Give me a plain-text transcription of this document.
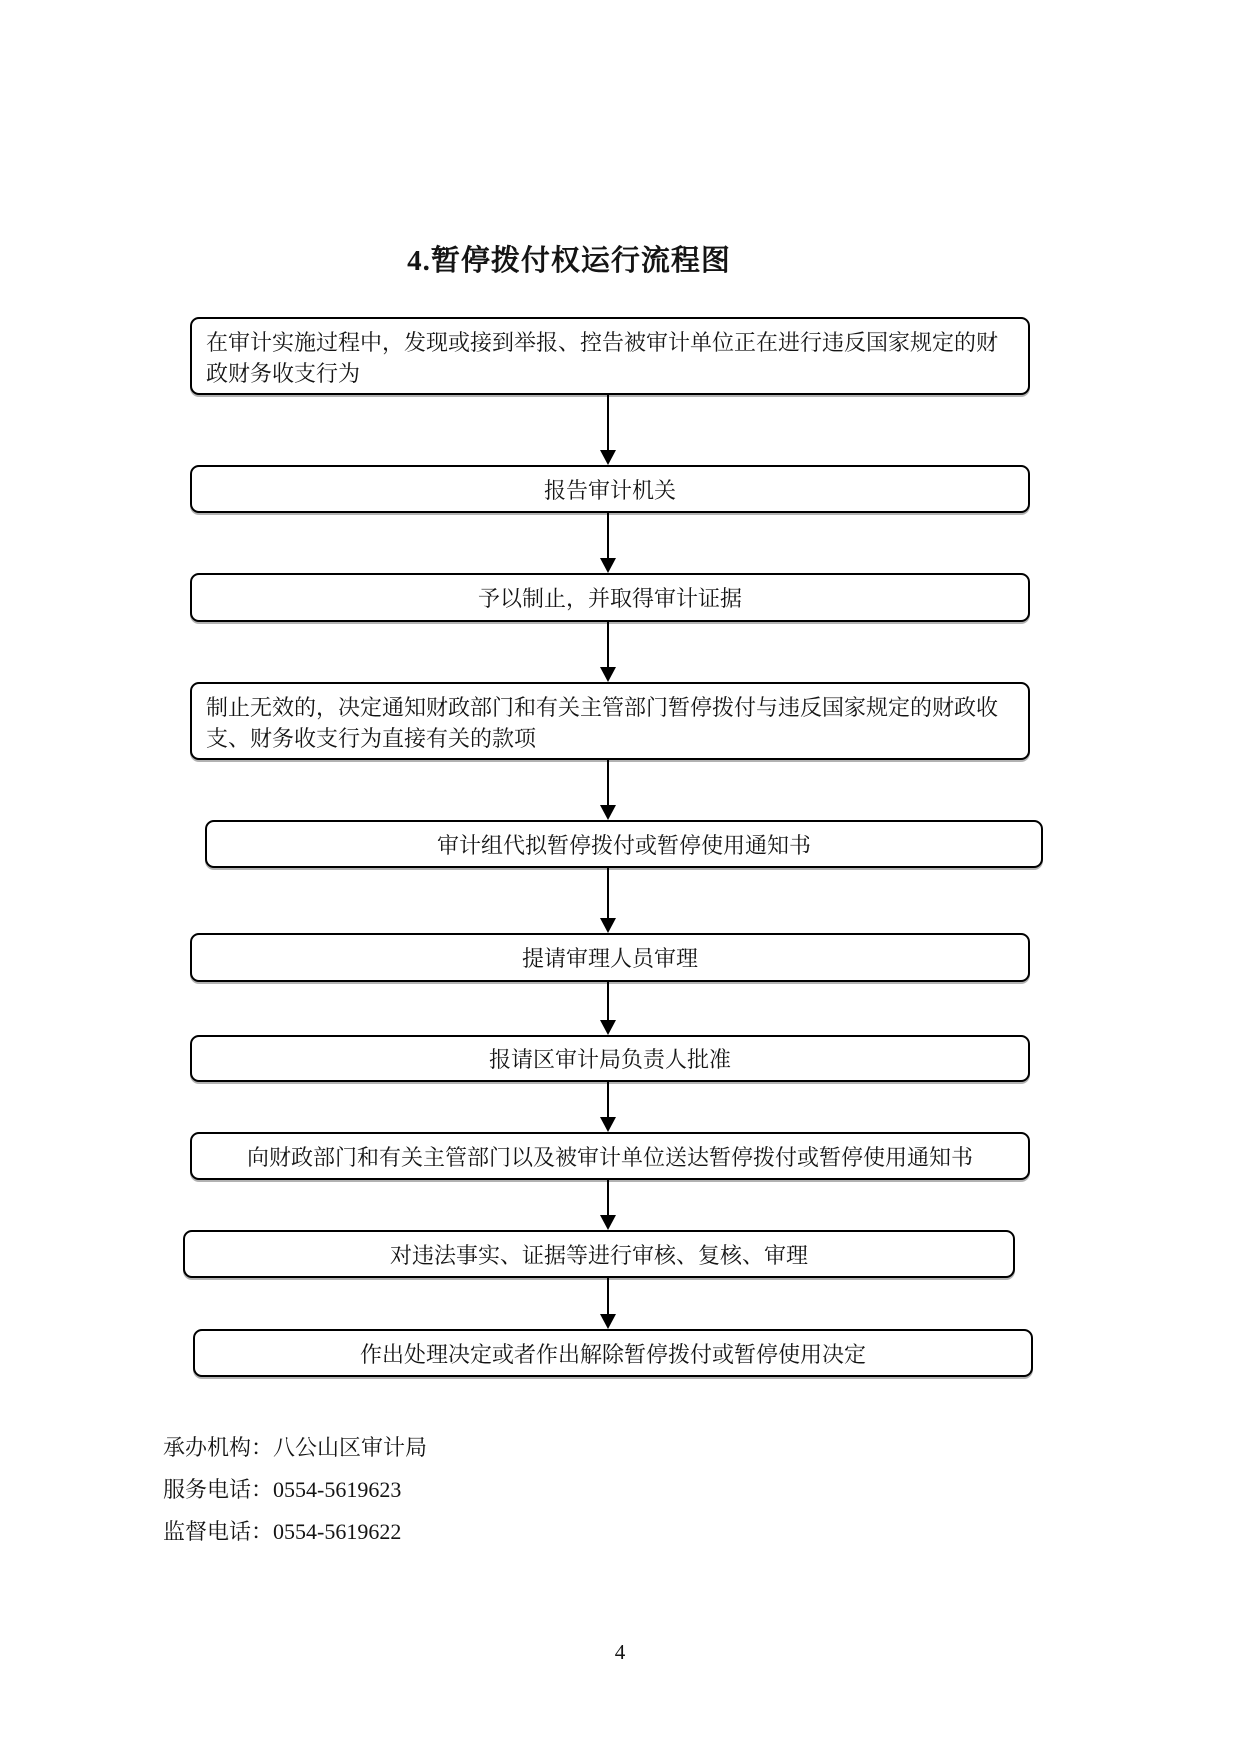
4.暂停拨付权运行流程图
在审计实施过程中，发现或接到举报、控告被审计单位正在进行违反国家规定的财政财务收支行为
报告审计机关
予以制止，并取得审计证据
制止无效的，决定通知财政部门和有关主管部门暂停拨付与违反国家规定的财政收支、财务收支行为直接有关的款项
审计组代拟暂停拨付或暂停使用通知书
提请审理人员审理
报请区审计局负责人批准
向财政部门和有关主管部门以及被审计单位送达暂停拨付或暂停使用通知书
对违法事实、证据等进行审核、复核、审理
作出处理决定或者作出解除暂停拨付或暂停使用决定
承办机构：八公山区审计局
服务电话：0554-5619623
监督电话：0554-5619622
4
